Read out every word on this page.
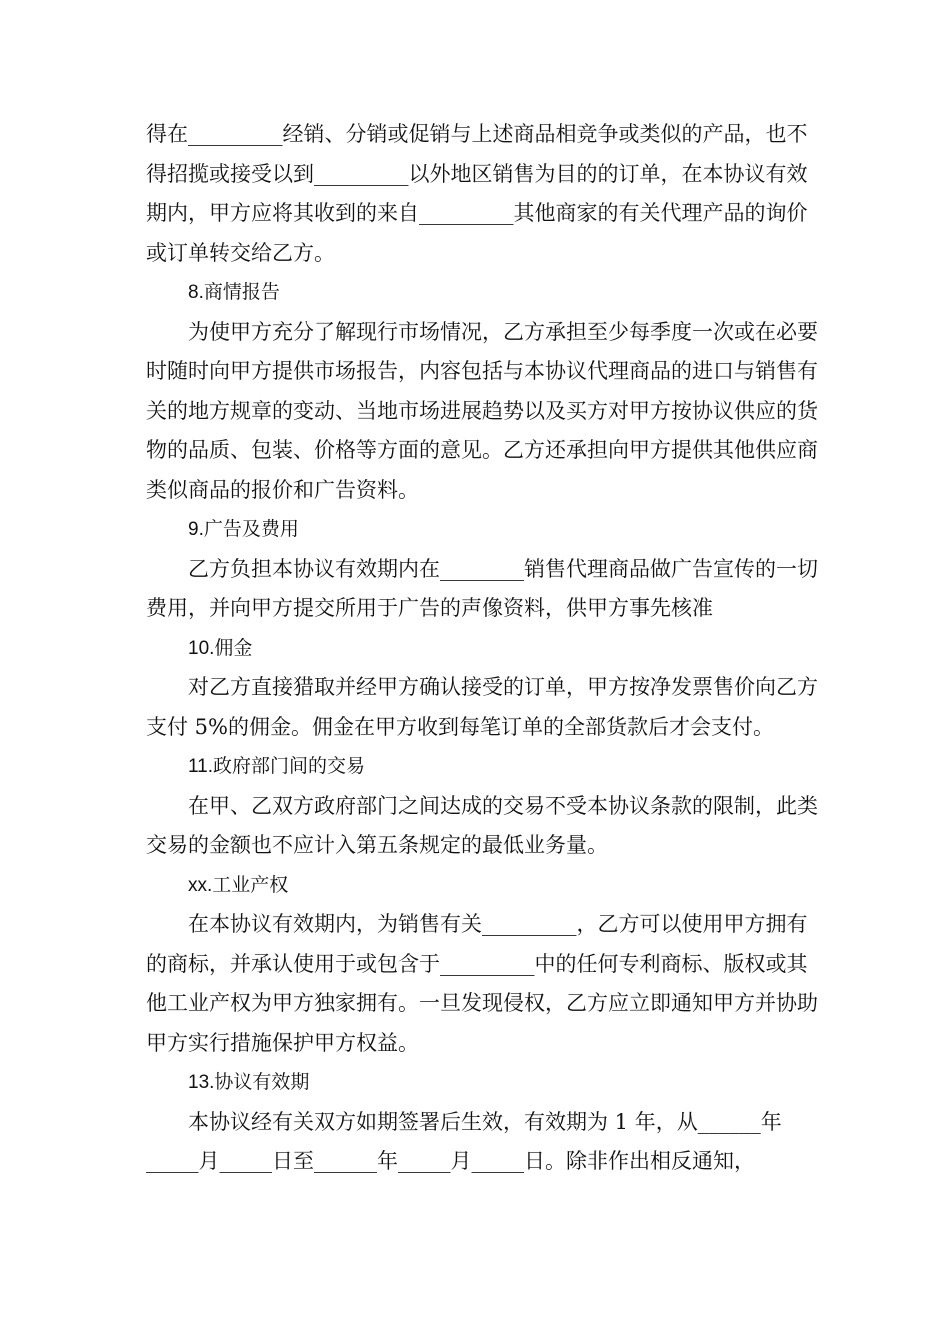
得在_________经销、分销或促销与上述商品相竞争或类似的产品，也不得招揽或接受以到_________以外地区销售为目的的订单，在本协议有效期内，甲方应将其收到的来自_________其他商家的有关代理产品的询价或订单转交给乙方。

8.商情报告

为使甲方充分了解现行市场情况，乙方承担至少每季度一次或在必要时随时向甲方提供市场报告，内容包括与本协议代理商品的进口与销售有关的地方规章的变动、当地市场进展趋势以及买方对甲方按协议供应的货物的品质、包装、价格等方面的意见。乙方还承担向甲方提供其他供应商类似商品的报价和广告资料。

9.广告及费用

乙方负担本协议有效期内在________销售代理商品做广告宣传的一切费用，并向甲方提交所用于广告的声像资料，供甲方事先核准

10.佣金

对乙方直接猎取并经甲方确认接受的订单，甲方按净发票售价向乙方支付 5%的佣金。佣金在甲方收到每笔订单的全部货款后才会支付。

11.政府部门间的交易

在甲、乙双方政府部门之间达成的交易不受本协议条款的限制，此类交易的金额也不应计入第五条规定的最低业务量。

xx.工业产权

在本协议有效期内，为销售有关_________，乙方可以使用甲方拥有的商标，并承认使用于或包含于_________中的任何专利商标、版权或其他工业产权为甲方独家拥有。一旦发现侵权，乙方应立即通知甲方并协助甲方实行措施保护甲方权益。

13.协议有效期

本协议经有关双方如期签署后生效，有效期为 1 年，从______年_____月_____日至______年_____月_____日。除非作出相反通知，
